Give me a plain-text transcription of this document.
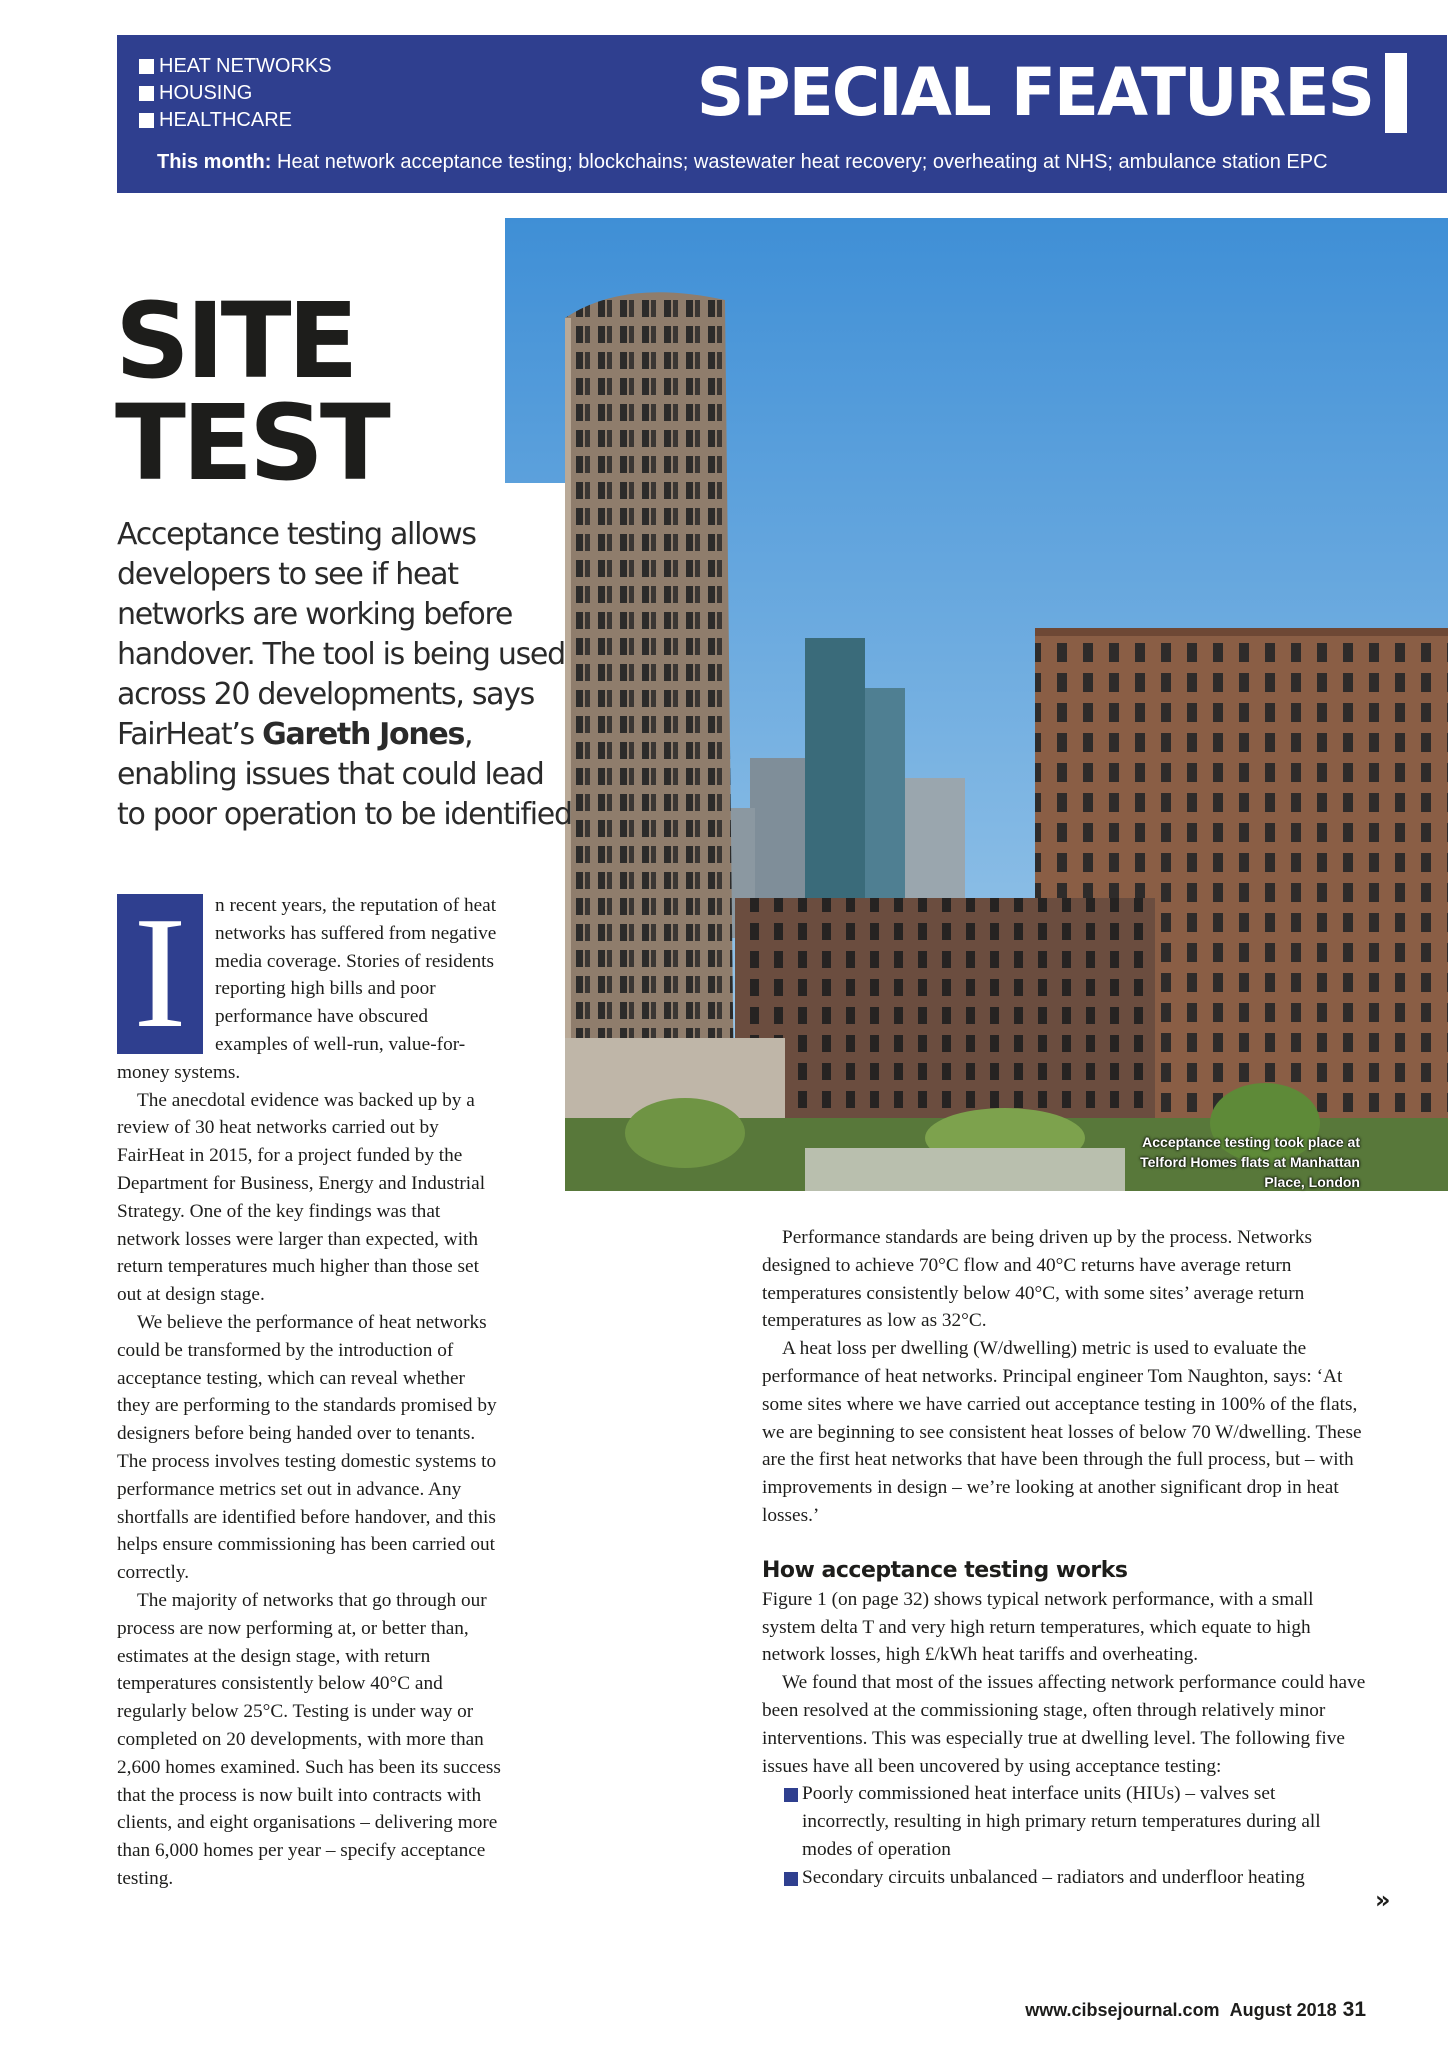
HEAT NETWORKS
HOUSING
HEALTHCARE	SPECIAL FEATURES
This month: Heat network acceptance testing; blockchains; wastewater heat recovery; overheating at NHS; ambulance station EPC
Acceptance testing took place at Telford Homes flats at Manhattan Place, London
SITE
TEST
Acceptance testing allows developers to see if heat networks are working before handover. The tool is being used across 20 developments, says FairHeat’s Gareth Jones, enabling issues that could lead to poor operation to be identified
I	n recent years, the reputation of heat networks has suffered from negative media coverage. Stories of residents reporting high bills and poor performance have obscured examples of well-run, value-for-money systems.

The anecdotal evidence was backed up by a review of 30 heat networks carried out by FairHeat in 2015, for a project funded by the Department for Business, Energy and Industrial Strategy. One of the key findings was that network losses were larger than expected, with return temperatures much higher than those set out at design stage.

We believe the performance of heat networks could be transformed by the introduction of acceptance testing, which can reveal whether they are performing to the standards promised by designers before being handed over to tenants. The process involves testing domestic systems to performance metrics set out in advance. Any shortfalls are identified before handover, and this helps ensure commissioning has been carried out correctly.

The majority of networks that go through our process are now performing at, or better than, estimates at the design stage, with return temperatures consistently below 40°C and regularly below 25°C. Testing is under way or completed on 20 developments, with more than 2,600 homes examined. Such has been its success that the process is now built into contracts with clients, and eight organisations – delivering more than 6,000 homes per year – specify acceptance testing.

Performance standards are being driven up by the process. Networks designed to achieve 70°C flow and 40°C returns have average return temperatures consistently below 40°C, with some sites’ average return temperatures as low as 32°C.

A heat loss per dwelling (W/dwelling) metric is used to evaluate the performance of heat networks. Principal engineer Tom Naughton, says: ‘At some sites where we have carried out acceptance testing in 100% of the flats, we are beginning to see consistent heat losses of below 70 W/dwelling. These are the first heat networks that have been through the full process, but – with improvements in design – we’re looking at another significant drop in heat losses.’

How acceptance testing works

Figure 1 (on page 32) shows typical network performance, with a small system delta T and very high return temperatures, which equate to high network losses, high £/kWh heat tariffs and overheating.

We found that most of the issues affecting network performance could have been resolved at the commissioning stage, often through relatively minor interventions. This was especially true at dwelling level. The following five issues have all been uncovered by using acceptance testing:

Poorly commissioned heat interface units (HIUs) – valves set incorrectly, resulting in high primary return temperatures during all modes of operation
Secondary circuits unbalanced – radiators and underfloor heating
»
www.cibsejournal.com August 2018 31
